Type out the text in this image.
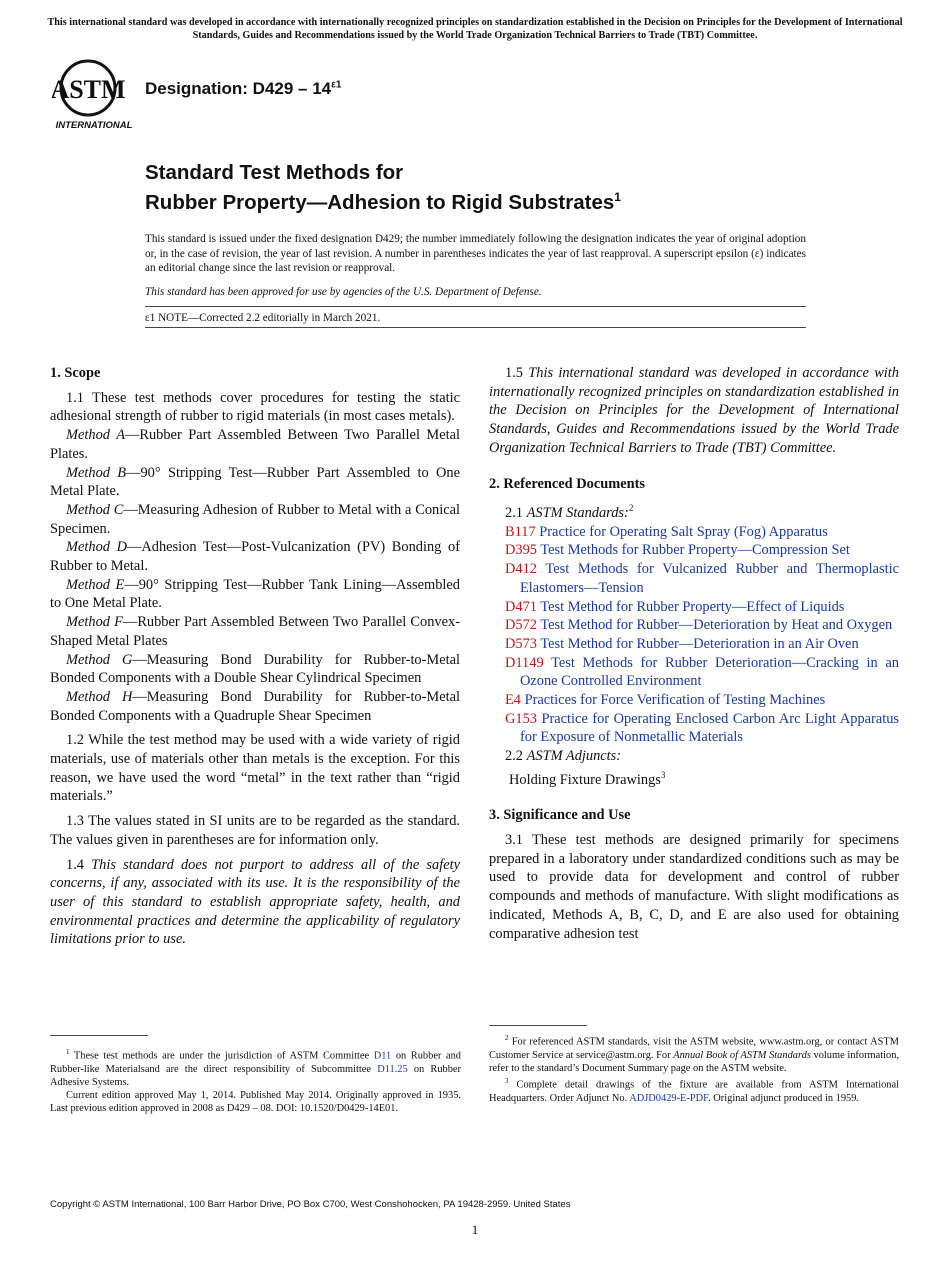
This international standard was developed in accordance with internationally recognized principles on standardization established in the Decision on Principles for the Development of International Standards, Guides and Recommendations issued by the World Trade Organization Technical Barriers to Trade (TBT) Committee.
ASTM
INTERNATIONAL
Designation: $D429 - 14^{\varepsilon 1}$
Standard Test Methods for
Rubber Property—Adhesion to Rigid Substrates$^1$
This standard is issued under the fixed designation D429; the number immediately following the designation indicates the year of original adoption or, in the case of revision, the year of last revision. A number in parentheses indicates the year of last reapproval. A superscript epsilon (ε) indicates an editorial change since the last revision or reapproval.
This standard has been approved for use by agencies of the U.S. Department of Defense.
ε1 NOTE—Corrected 2.2 editorially in March 2021.

1. Scope

1.1 These test methods cover procedures for testing the static adhesional strength of rubber to rigid materials (in most cases metals).

Method A—Rubber Part Assembled Between Two Parallel Metal Plates.

Method B—90° Stripping Test—Rubber Part Assembled to One Metal Plate.

Method C—Measuring Adhesion of Rubber to Metal with a Conical Specimen.

Method D—Adhesion Test—Post-Vulcanization (PV) Bonding of Rubber to Metal.

Method E—90° Stripping Test—Rubber Tank Lining—Assembled to One Metal Plate.

Method F—Rubber Part Assembled Between Two Parallel Convex-Shaped Metal Plates

Method G—Measuring Bond Durability for Rubber-to-Metal Bonded Components with a Double Shear Cylindrical Specimen

Method H—Measuring Bond Durability for Rubber-to-Metal Bonded Components with a Quadruple Shear Specimen

1.2 While the test method may be used with a wide variety of rigid materials, use of materials other than metals is the exception. For this reason, we have used the word “metal” in the text rather than “rigid materials.”

1.3 The values stated in SI units are to be regarded as the standard. The values given in parentheses are for information only.

1.4 This standard does not purport to address all of the safety concerns, if any, associated with its use. It is the responsibility of the user of this standard to establish appropriate safety, health, and environmental practices and determine the applicability of regulatory limitations prior to use.

$^1$ These test methods are under the jurisdiction of ASTM Committee D11 on Rubber and Rubber-like Materialsand are the direct responsibility of Subcommittee D11.25 on Rubber Adhesive Systems.
Current edition approved May 1, 2014. Published May 2014. Originally approved in 1935. Last previous edition approved in 2008 as D429 – 08. DOI: 10.1520/D0429-14E01.

1.5 This international standard was developed in accordance with internationally recognized principles on standardization established in the Decision on Principles for the Development of International Standards, Guides and Recommendations issued by the World Trade Organization Technical Barriers to Trade (TBT) Committee.

2. Referenced Documents

2.1 ASTM Standards:$^2$

B117 Practice for Operating Salt Spray (Fog) Apparatus
D395 Test Methods for Rubber Property—Compression Set
D412 Test Methods for Vulcanized Rubber and Thermoplastic Elastomers—Tension
D471 Test Method for Rubber Property—Effect of Liquids
D572 Test Method for Rubber—Deterioration by Heat and Oxygen
D573 Test Method for Rubber—Deterioration in an Air Oven
D1149 Test Methods for Rubber Deterioration—Cracking in an Ozone Controlled Environment
E4 Practices for Force Verification of Testing Machines
G153 Practice for Operating Enclosed Carbon Arc Light Apparatus for Exposure of Nonmetallic Materials

2.2 ASTM Adjuncts:

Holding Fixture Drawings$^3$

3. Significance and Use

3.1 These test methods are designed primarily for specimens prepared in a laboratory under standardized conditions such as may be used to provide data for development and control of rubber compounds and methods of manufacture. With slight modifications as indicated, Methods A, B, C, D, and E are also used for obtaining comparative adhesion test

$^2$ For referenced ASTM standards, visit the ASTM website, www.astm.org, or contact ASTM Customer Service at service@astm.org. For Annual Book of ASTM Standards volume information, refer to the standard’s Document Summary page on the ASTM website.
$^3$ Complete detail drawings of the fixture are available from ASTM International Headquarters. Order Adjunct No. ADJD0429-E-PDF. Original adjunct produced in 1959.
Copyright © ASTM International, 100 Barr Harbor Drive, PO Box C700, West Conshohocken, PA 19428-2959. United States
1
